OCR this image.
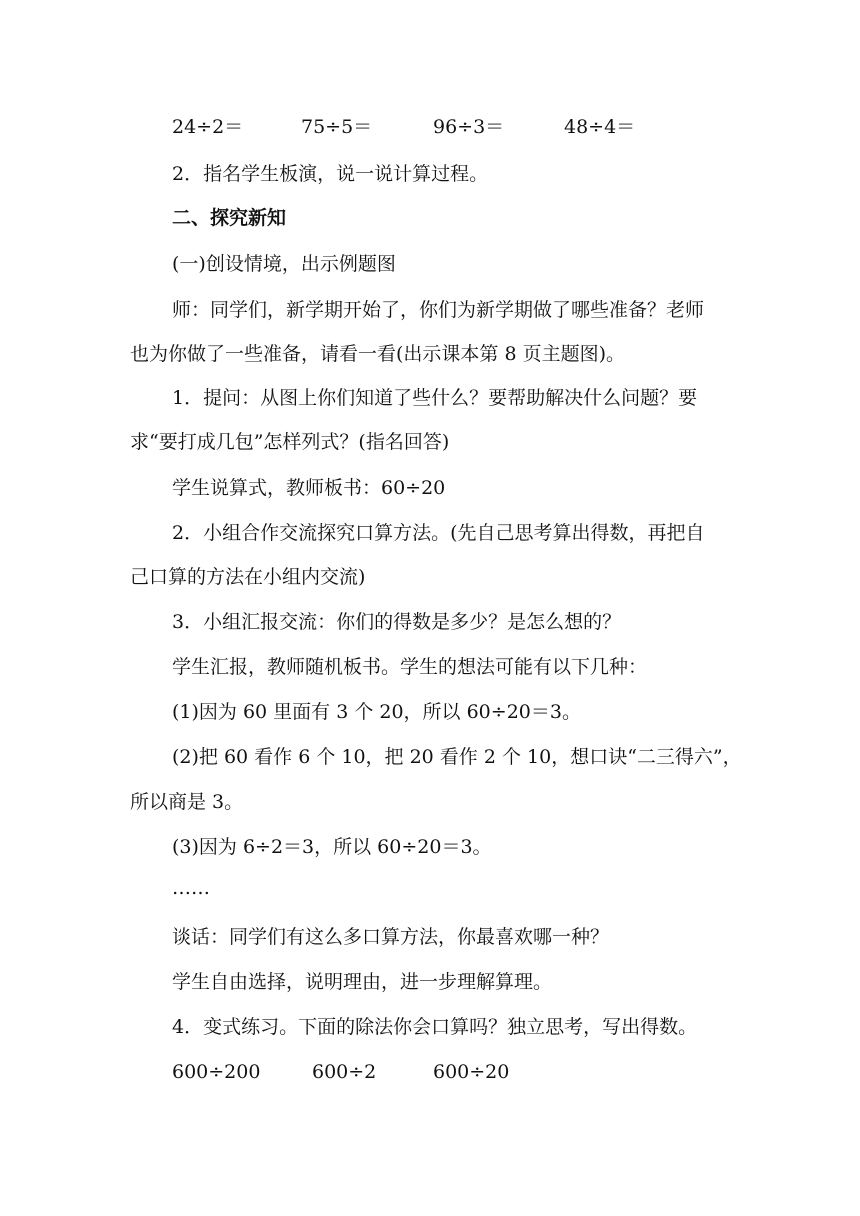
24÷2＝	75÷5＝	96÷3＝	48÷4＝
2．指名学生板演，说一说计算过程。
二、探究新知
(一)创设情境，出示例题图
师：同学们，新学期开始了，你们为新学期做了哪些准备？老师
也为你做了一些准备，请看一看(出示课本第 8 页主题图)。
1．提问：从图上你们知道了些什么？要帮助解决什么问题？要
求“要打成几包”怎样列式？(指名回答)
学生说算式，教师板书：60÷20
2．小组合作交流探究口算方法。(先自己思考算出得数，再把自
己口算的方法在小组内交流)
3．小组汇报交流：你们的得数是多少？是怎么想的？
学生汇报，教师随机板书。学生的想法可能有以下几种：
(1)因为 60 里面有 3 个 20，所以 60÷20＝3。
(2)把 60 看作 6 个 10，把 20 看作 2 个 10，想口诀“二三得六”，
所以商是 3。
(3)因为 6÷2＝3，所以 60÷20＝3。
……
谈话：同学们有这么多口算方法，你最喜欢哪一种？
学生自由选择，说明理由，进一步理解算理。
4．变式练习。下面的除法你会口算吗？独立思考，写出得数。
600÷200	600÷2	600÷20
